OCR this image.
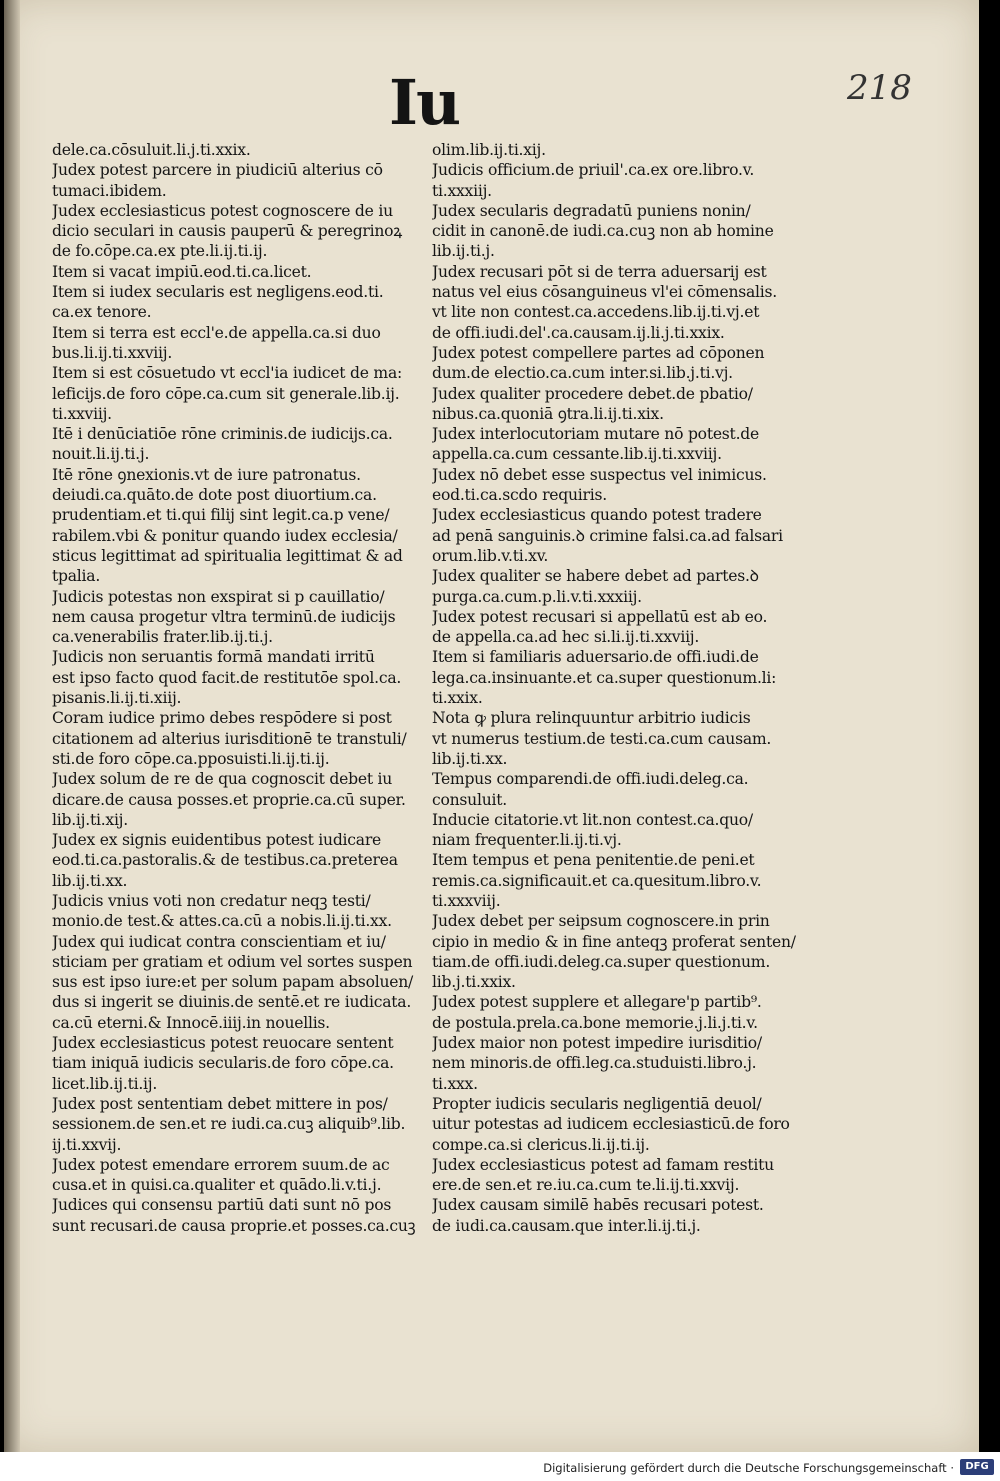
Iu	218
dele.ca.cōsuluit.li.j.ti.xxix.
Judex potest parcere in piudiciū alterius cō
tumaci.ibidem.
Judex ecclesiasticus potest cognoscere de iu
dicio seculari in causis pauperū & peregrinoꝝ
de fo.cōpe.ca.ex pte.li.ij.ti.ij.
Item si vacat impiū.eod.ti.ca.licet.
Item si iudex secularis est negligens.eod.ti.
ca.ex tenore.
Item si terra est eccl'e.de appella.ca.si duo
bus.li.ij.ti.xxviij.
Item si est cōsuetudo vt eccl'ia iudicet de ma:
leficijs.de foro cōpe.ca.cum sit generale.lib.ij.
ti.xxviij.
Itē i denūciatiōe rōne criminis.de iudicijs.ca.
nouit.li.ij.ti.j.
Itē rōne ꝯnexionis.vt de iure patronatus.
deiudi.ca.quāto.de dote post diuortium.ca.
prudentiam.et ti.qui filij sint legit.ca.p vene/
rabilem.vbi & ponitur quando iudex ecclesia/
sticus legittimat ad spiritualia legittimat & ad
tpalia.
Judicis potestas non exspirat si p cauillatio/
nem causa progetur vltra terminū.de iudicijs
ca.venerabilis frater.lib.ij.ti.j.
Judicis non seruantis formā mandati irritū
est ipso facto quod facit.de restitutōe spol.ca.
pisanis.li.ij.ti.xiij.
Coram iudice primo debes respōdere si post
citationem ad alterius iurisditionē te transtuli/
sti.de foro cōpe.ca.pposuisti.li.ij.ti.ij.
Judex solum de re de qua cognoscit debet iu
dicare.de causa posses.et proprie.ca.cū super.
lib.ij.ti.xij.
Judex ex signis euidentibus potest iudicare
eod.ti.ca.pastoralis.& de testibus.ca.preterea
lib.ij.ti.xx.
Judicis vnius voti non credatur neqꝫ testi/
monio.de test.& attes.ca.cū a nobis.li.ij.ti.xx.
Judex qui iudicat contra conscientiam et iu/
sticiam per gratiam et odium vel sortes suspen
sus est ipso iure:et per solum papam absoluen/
dus si ingerit se diuinis.de sentē.et re iudicata.
ca.cū eterni.& Innocē.iiij.in nouellis.
Judex ecclesiasticus potest reuocare sentent
tiam iniquā iudicis secularis.de foro cōpe.ca.
licet.lib.ij.ti.ij.
Judex post sententiam debet mittere in pos/
sessionem.de sen.et re iudi.ca.cuꝫ aliquib⁹.lib.
ij.ti.xxvij.
Judex potest emendare errorem suum.de ac
cusa.et in quisi.ca.qualiter et quādo.li.v.ti.j.
Judices qui consensu partiū dati sunt nō pos
sunt recusari.de causa proprie.et posses.ca.cuꝫ
olim.lib.ij.ti.xij.
Judicis officium.de priuil'.ca.ex ore.libro.v.
ti.xxxiij.
Judex secularis degradatū puniens nonin/
cidit in canonē.de iudi.ca.cuꝫ non ab homine
lib.ij.ti.j.
Judex recusari pōt si de terra aduersarij est
natus vel eius cōsanguineus vl'ei cōmensalis.
vt lite non contest.ca.accedens.lib.ij.ti.vj.et
de offi.iudi.del'.ca.causam.ij.li.j.ti.xxix.
Judex potest compellere partes ad cōponen
dum.de electio.ca.cum inter.si.lib.j.ti.vj.
Judex qualiter procedere debet.de pbatio/
nibus.ca.quoniā ꝯtra.li.ij.ti.xix.
Judex interlocutoriam mutare nō potest.de
appella.ca.cum cessante.lib.ij.ti.xxviij.
Judex nō debet esse suspectus vel inimicus.
eod.ti.ca.scdo requiris.
Judex ecclesiasticus quando potest tradere
ad penā sanguinis.ꝺ crimine falsi.ca.ad falsari
orum.lib.v.ti.xv.
Judex qualiter se habere debet ad partes.ꝺ
purga.ca.cum.p.li.v.ti.xxxiij.
Judex potest recusari si appellatū est ab eo.
de appella.ca.ad hec si.li.ij.ti.xxviij.
Item si familiaris aduersario.de offi.iudi.de
lega.ca.insinuante.et ca.super questionum.li:
ti.xxix.
Nota ꝙ plura relinquuntur arbitrio iudicis
vt numerus testium.de testi.ca.cum causam.
lib.ij.ti.xx.
Tempus comparendi.de offi.iudi.deleg.ca.
consuluit.
Inducie citatorie.vt lit.non contest.ca.quo/
niam frequenter.li.ij.ti.vj.
Item tempus et pena penitentie.de peni.et
remis.ca.significauit.et ca.quesitum.libro.v.
ti.xxxviij.
Judex debet per seipsum cognoscere.in prin
cipio in medio & in fine anteqꝫ proferat senten/
tiam.de offi.iudi.deleg.ca.super questionum.
lib.j.ti.xxix.
Judex potest supplere et allegare'p partib⁹.
de postula.prela.ca.bone memorie.j.li.j.ti.v.
Judex maior non potest impedire iurisditio/
nem minoris.de offi.leg.ca.studuisti.libro.j.
ti.xxx.
Propter iudicis secularis negligentiā deuol/
uitur potestas ad iudicem ecclesiasticū.de foro
compe.ca.si clericus.li.ij.ti.ij.
Judex ecclesiasticus potest ad famam restitu
ere.de sen.et re.iu.ca.cum te.li.ij.ti.xxvij.
Judex causam similē habēs recusari potest.
de iudi.ca.causam.que inter.li.ij.ti.j.
Digitalisierung gefördert durch die Deutsche Forschungsgemeinschaft ·	DFG
